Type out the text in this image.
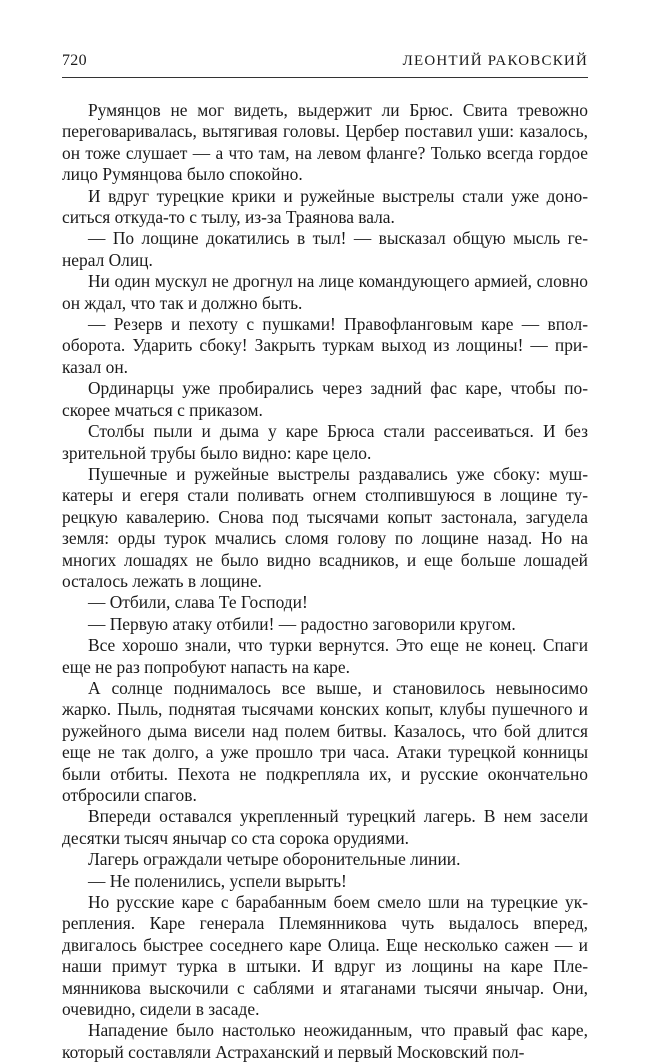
720	ЛЕОНТИЙ РАКОВСКИЙ

Румянцов не мог видеть, выдержит ли Брюс. Свита тревожно переговаривалась, вытягивая головы. Цербер поставил уши: казалось, он тоже слушает — а что там, на левом фланге? Только всегда гордое лицо Румянцова было спокойно.

И вдруг турецкие крики и ружейные выстрелы стали уже доноситься откуда-то с тылу, из-за Траянова вала.

— По лощине докатились в тыл! — высказал общую мысль генерал Олиц.

Ни один мускул не дрогнул на лице командующего армией, словно он ждал, что так и должно быть.

— Резерв и пехоту с пушками! Правофланговым каре — вполоборота. Ударить сбоку! Закрыть туркам выход из лощины! — приказал он.

Ординарцы уже пробирались через задний фас каре, чтобы поскорее мчаться с приказом.

Столбы пыли и дыма у каре Брюса стали рассеиваться. И без зрительной трубы было видно: каре цело.

Пушечные и ружейные выстрелы раздавались уже сбоку: мушкатеры и егеря стали поливать огнем столпившуюся в лощине турецкую кавалерию. Снова под тысячами копыт застонала, загудела земля: орды турок мчались сломя голову по лощине назад. Но на многих лошадях не было видно всадников, и еще больше лошадей осталось лежать в лощине.

— Отбили, слава Те Господи!

— Первую атаку отбили! — радостно заговорили кругом.

Все хорошо знали, что турки вернутся. Это еще не конец. Спаги еще не раз попробуют напасть на каре.

А солнце поднималось все выше, и становилось невыносимо жарко. Пыль, поднятая тысячами конских копыт, клубы пушечного и ружейного дыма висели над полем битвы. Казалось, что бой длится еще не так долго, а уже прошло три часа. Атаки турецкой конницы были отбиты. Пехота не подкрепляла их, и русские окончательно отбросили спагов.

Впереди оставался укрепленный турецкий лагерь. В нем засели десятки тысяч янычар со ста сорока орудиями.

Лагерь ограждали четыре оборонительные линии.

— Не поленились, успели вырыть!

Но русские каре с барабанным боем смело шли на турецкие укрепления. Каре генерала Племянникова чуть выдалось вперед, двигалось быстрее соседнего каре Олица. Еще несколько сажен — и наши примут турка в штыки. И вдруг из лощины на каре Племянникова выскочили с саблями и ятаганами тысячи янычар. Они, очевидно, сидели в засаде.

Нападение было настолько неожиданным, что правый фас каре, который составляли Астраханский и первый Московский пол-
